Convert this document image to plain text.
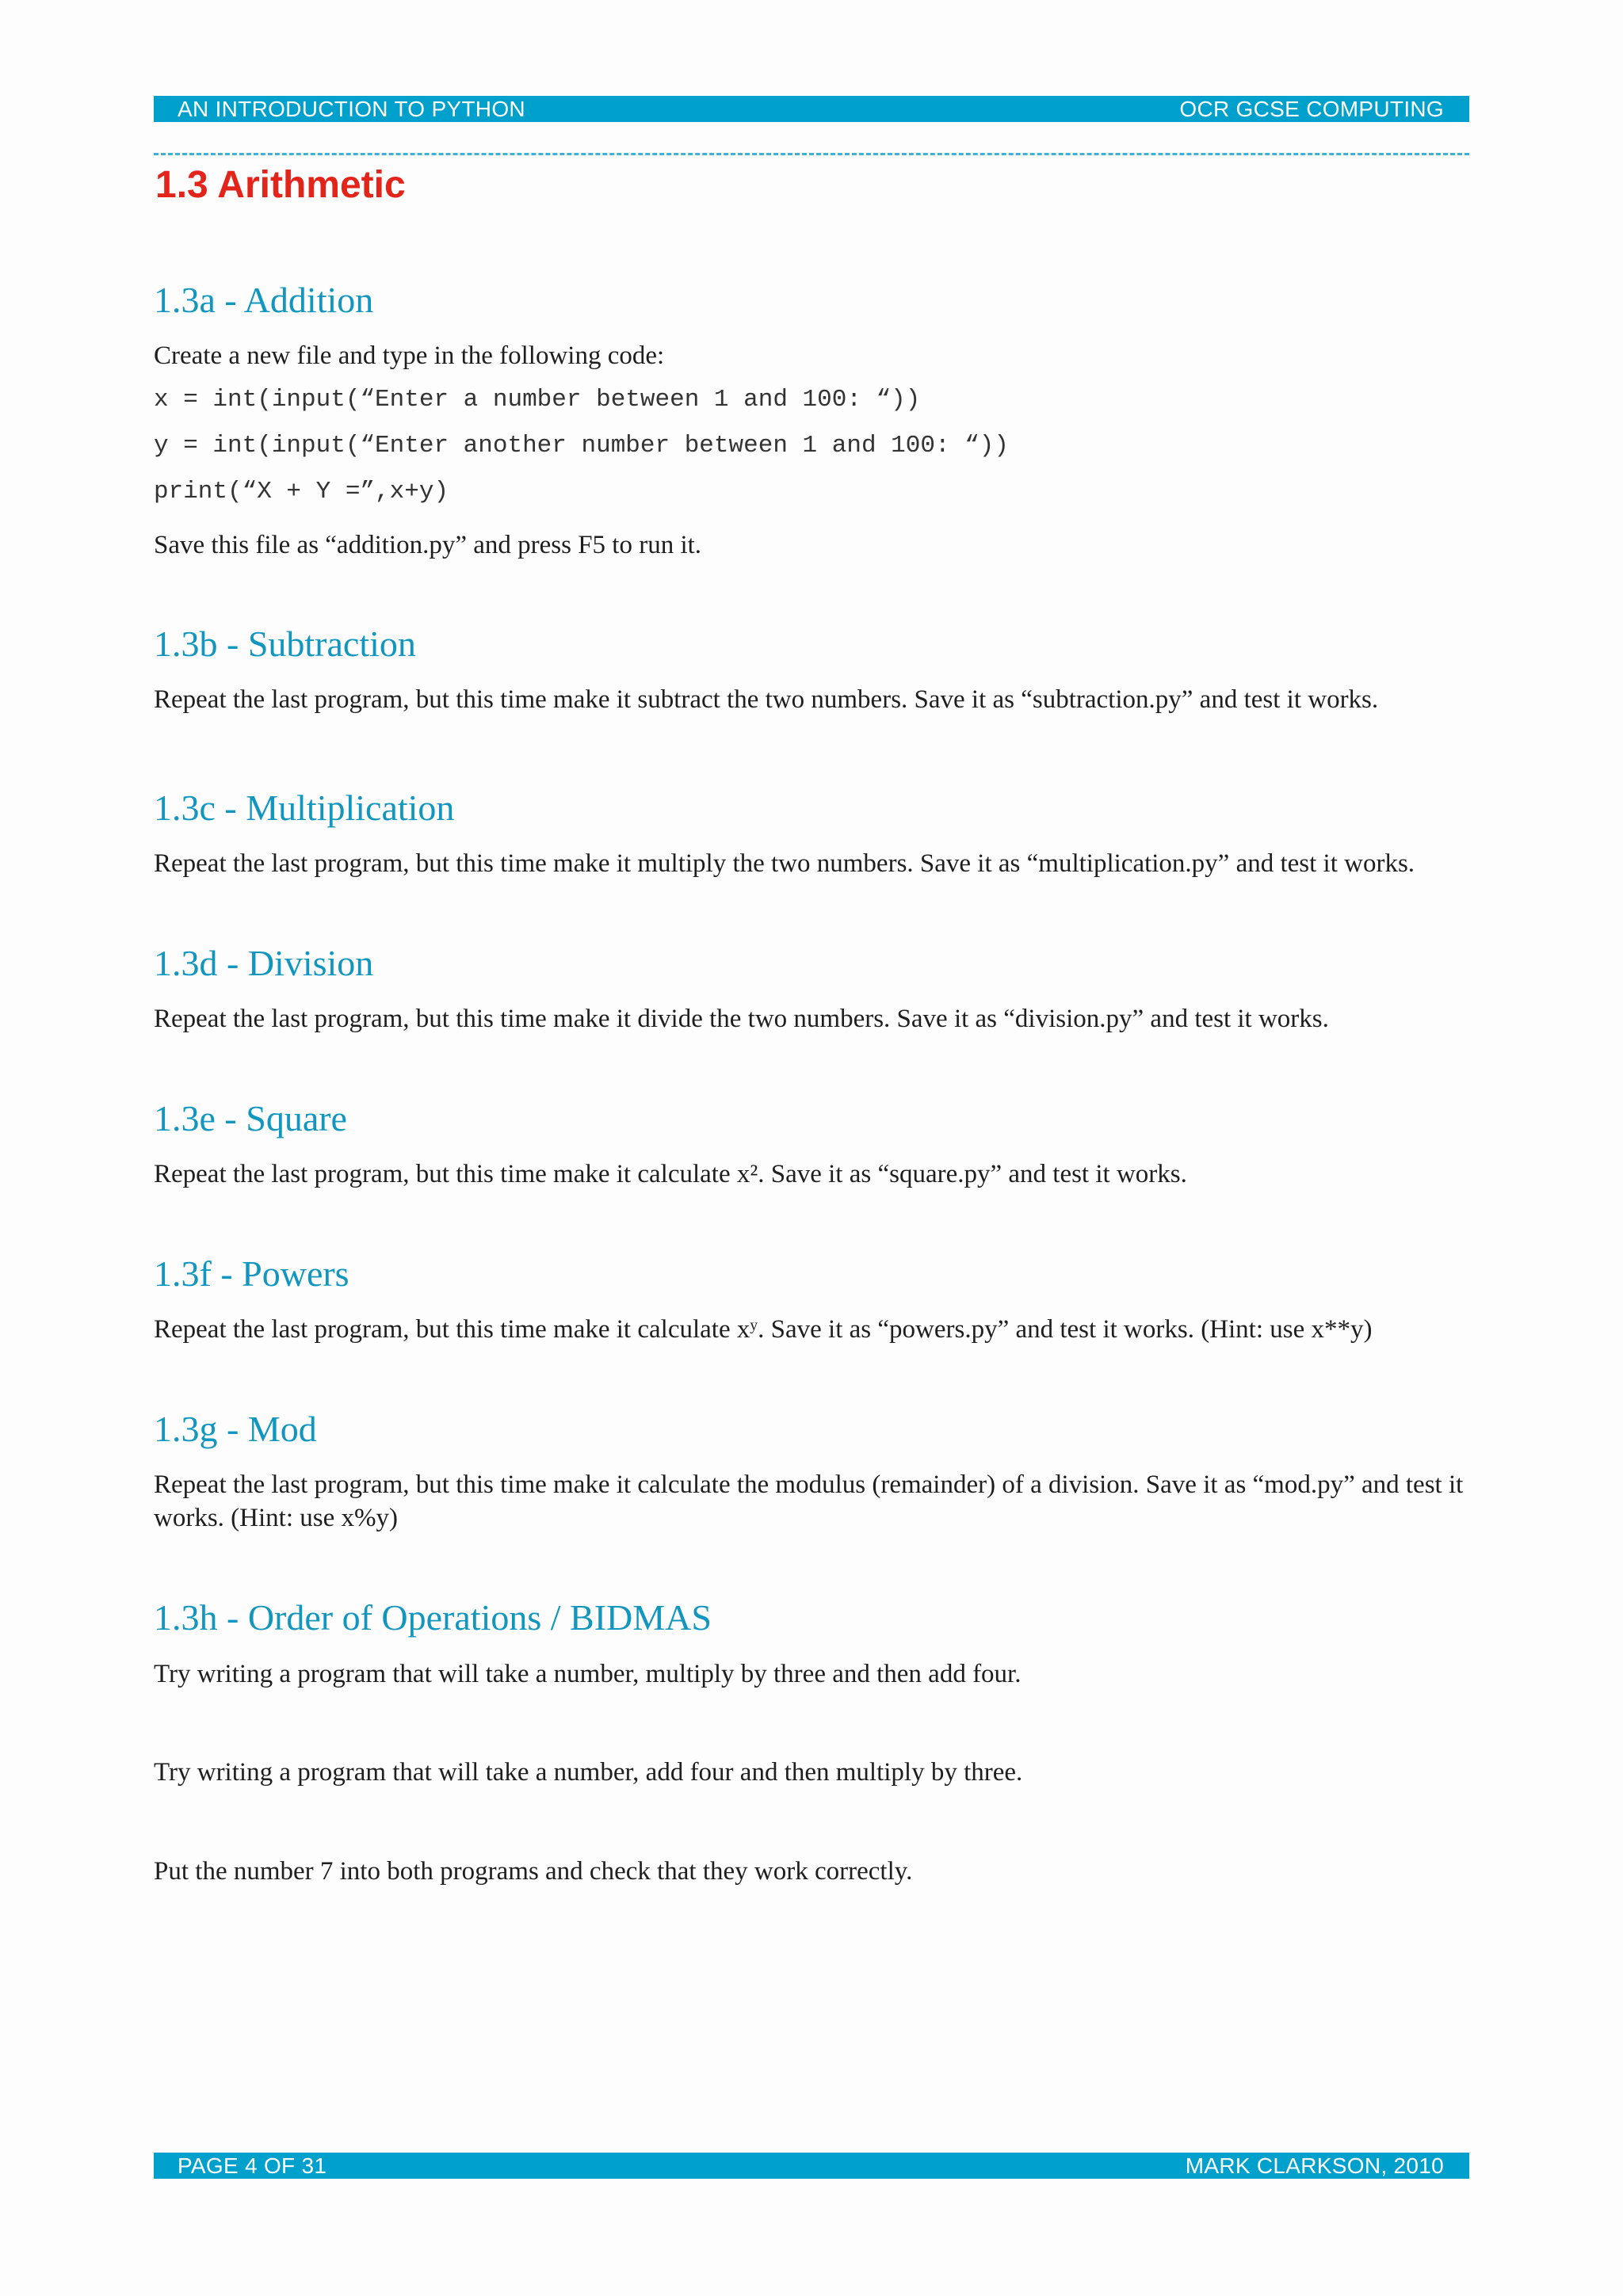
AN INTRODUCTION TO PYTHON	OCR GCSE COMPUTING
1.3 Arithmetic
1.3a - Addition

Create a new file and type in the following code:

x = int(input(“Enter a number between 1 and 100: “))
y = int(input(“Enter another number between 1 and 100: “))
print(“X + Y =”,x+y)

Save this file as “addition.py” and press F5 to run it.

1.3b - Subtraction

Repeat the last program, but this time make it subtract the two numbers. Save it as “subtraction.py” and test it works.

1.3c - Multiplication

Repeat the last program, but this time make it multiply the two numbers. Save it as “multiplication.py” and test it works.

1.3d - Division

Repeat the last program, but this time make it divide the two numbers. Save it as “division.py” and test it works.

1.3e - Square

Repeat the last program, but this time make it calculate x². Save it as “square.py” and test it works.

1.3f - Powers

Repeat the last program, but this time make it calculate xʸ. Save it as “powers.py” and test it works. (Hint: use x**y)

1.3g - Mod

Repeat the last program, but this time make it calculate the modulus (remainder) of a division. Save it as “mod.py” and test it works. (Hint: use x%y)

1.3h - Order of Operations / BIDMAS

Try writing a program that will take a number, multiply by three and then add four.

Try writing a program that will take a number, add four and then multiply by three.

Put the number 7 into both programs and check that they work correctly.

PAGE 4 OF 31	MARK CLARKSON, 2010
